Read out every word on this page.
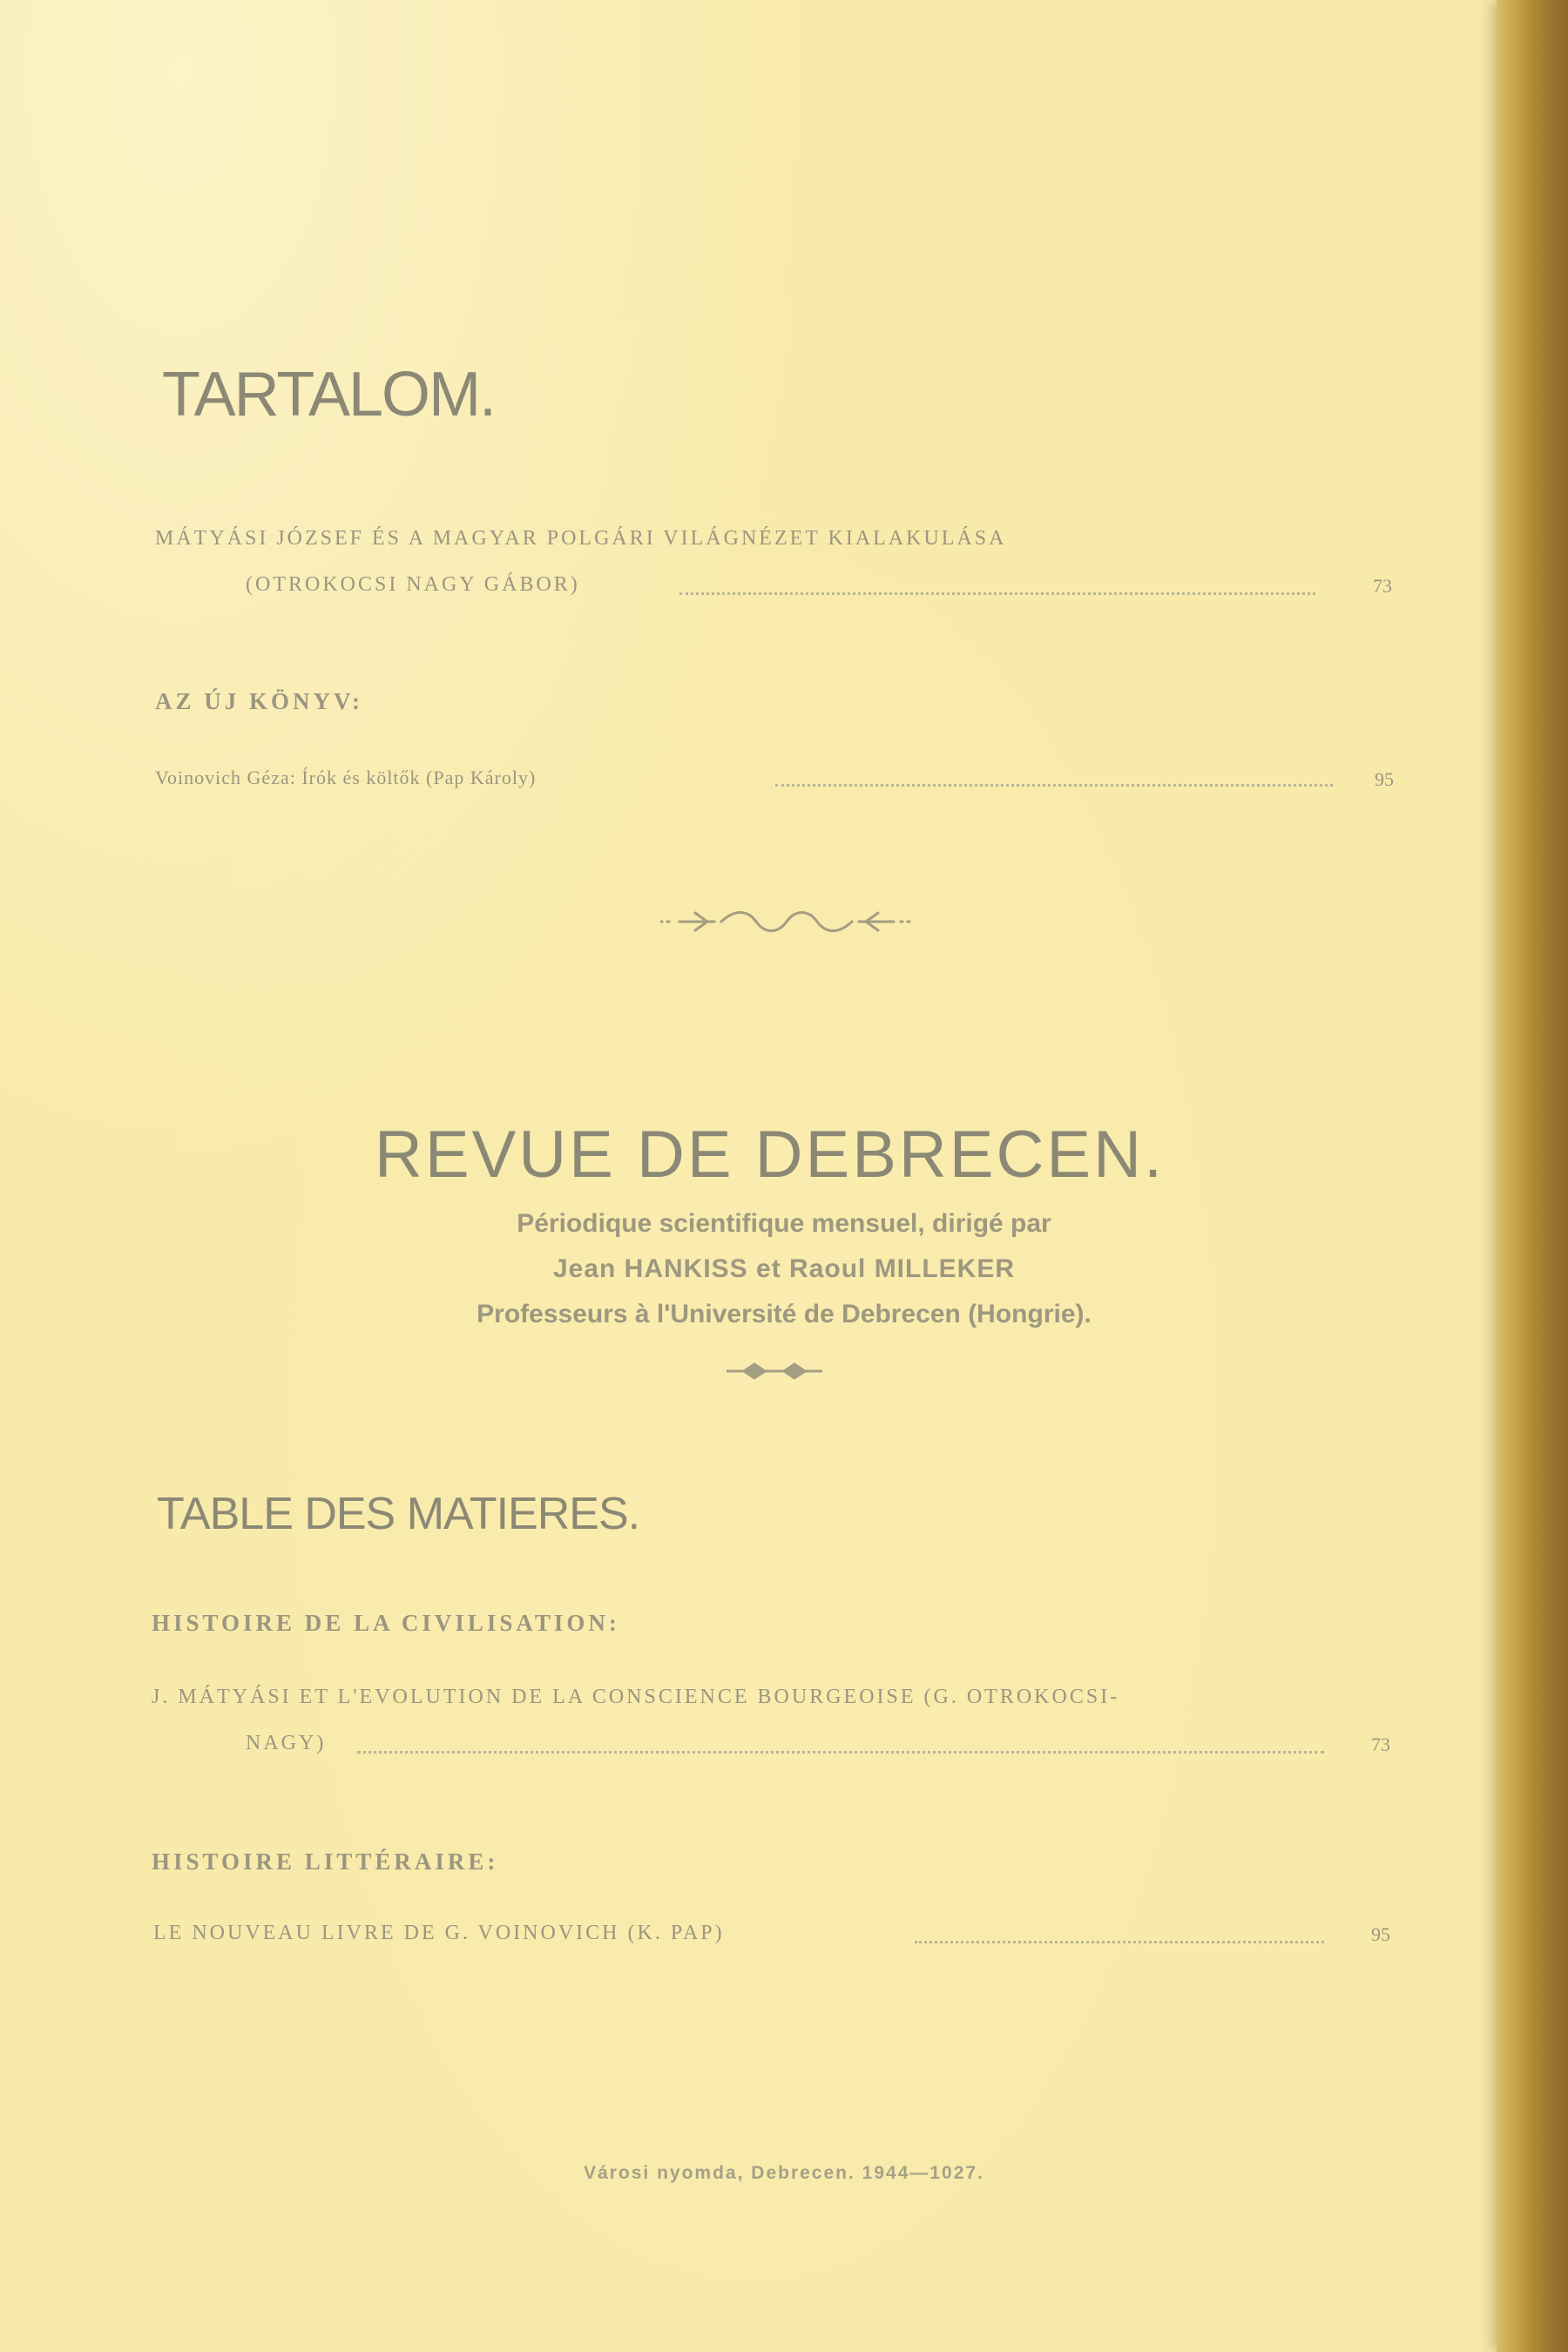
TARTALOM.
MÁTYÁSI JÓZSEF ÉS A MAGYAR POLGÁRI VILÁGNÉZET KIALAKULÁSA
(OTROKOCSI NAGY GÁBOR)	73
AZ ÚJ KÖNYV:
Voinovich Géza: Írók és költők (Pap Károly)	95
REVUE DE DEBRECEN.
Périodique scientifique mensuel, dirigé par
Jean HANKISS et Raoul MILLEKER
Professeurs à l'Université de Debrecen (Hongrie).
TABLE DES MATIERES.
HISTOIRE DE LA CIVILISATION:
J. MÁTYÁSI ET L'EVOLUTION DE LA CONSCIENCE BOURGEOISE (G. OTROKOCSI-
NAGY)	73
HISTOIRE LITTÉRAIRE:
LE NOUVEAU LIVRE DE G. VOINOVICH (K. PAP)	95
Városi nyomda, Debrecen. 1944—1027.
